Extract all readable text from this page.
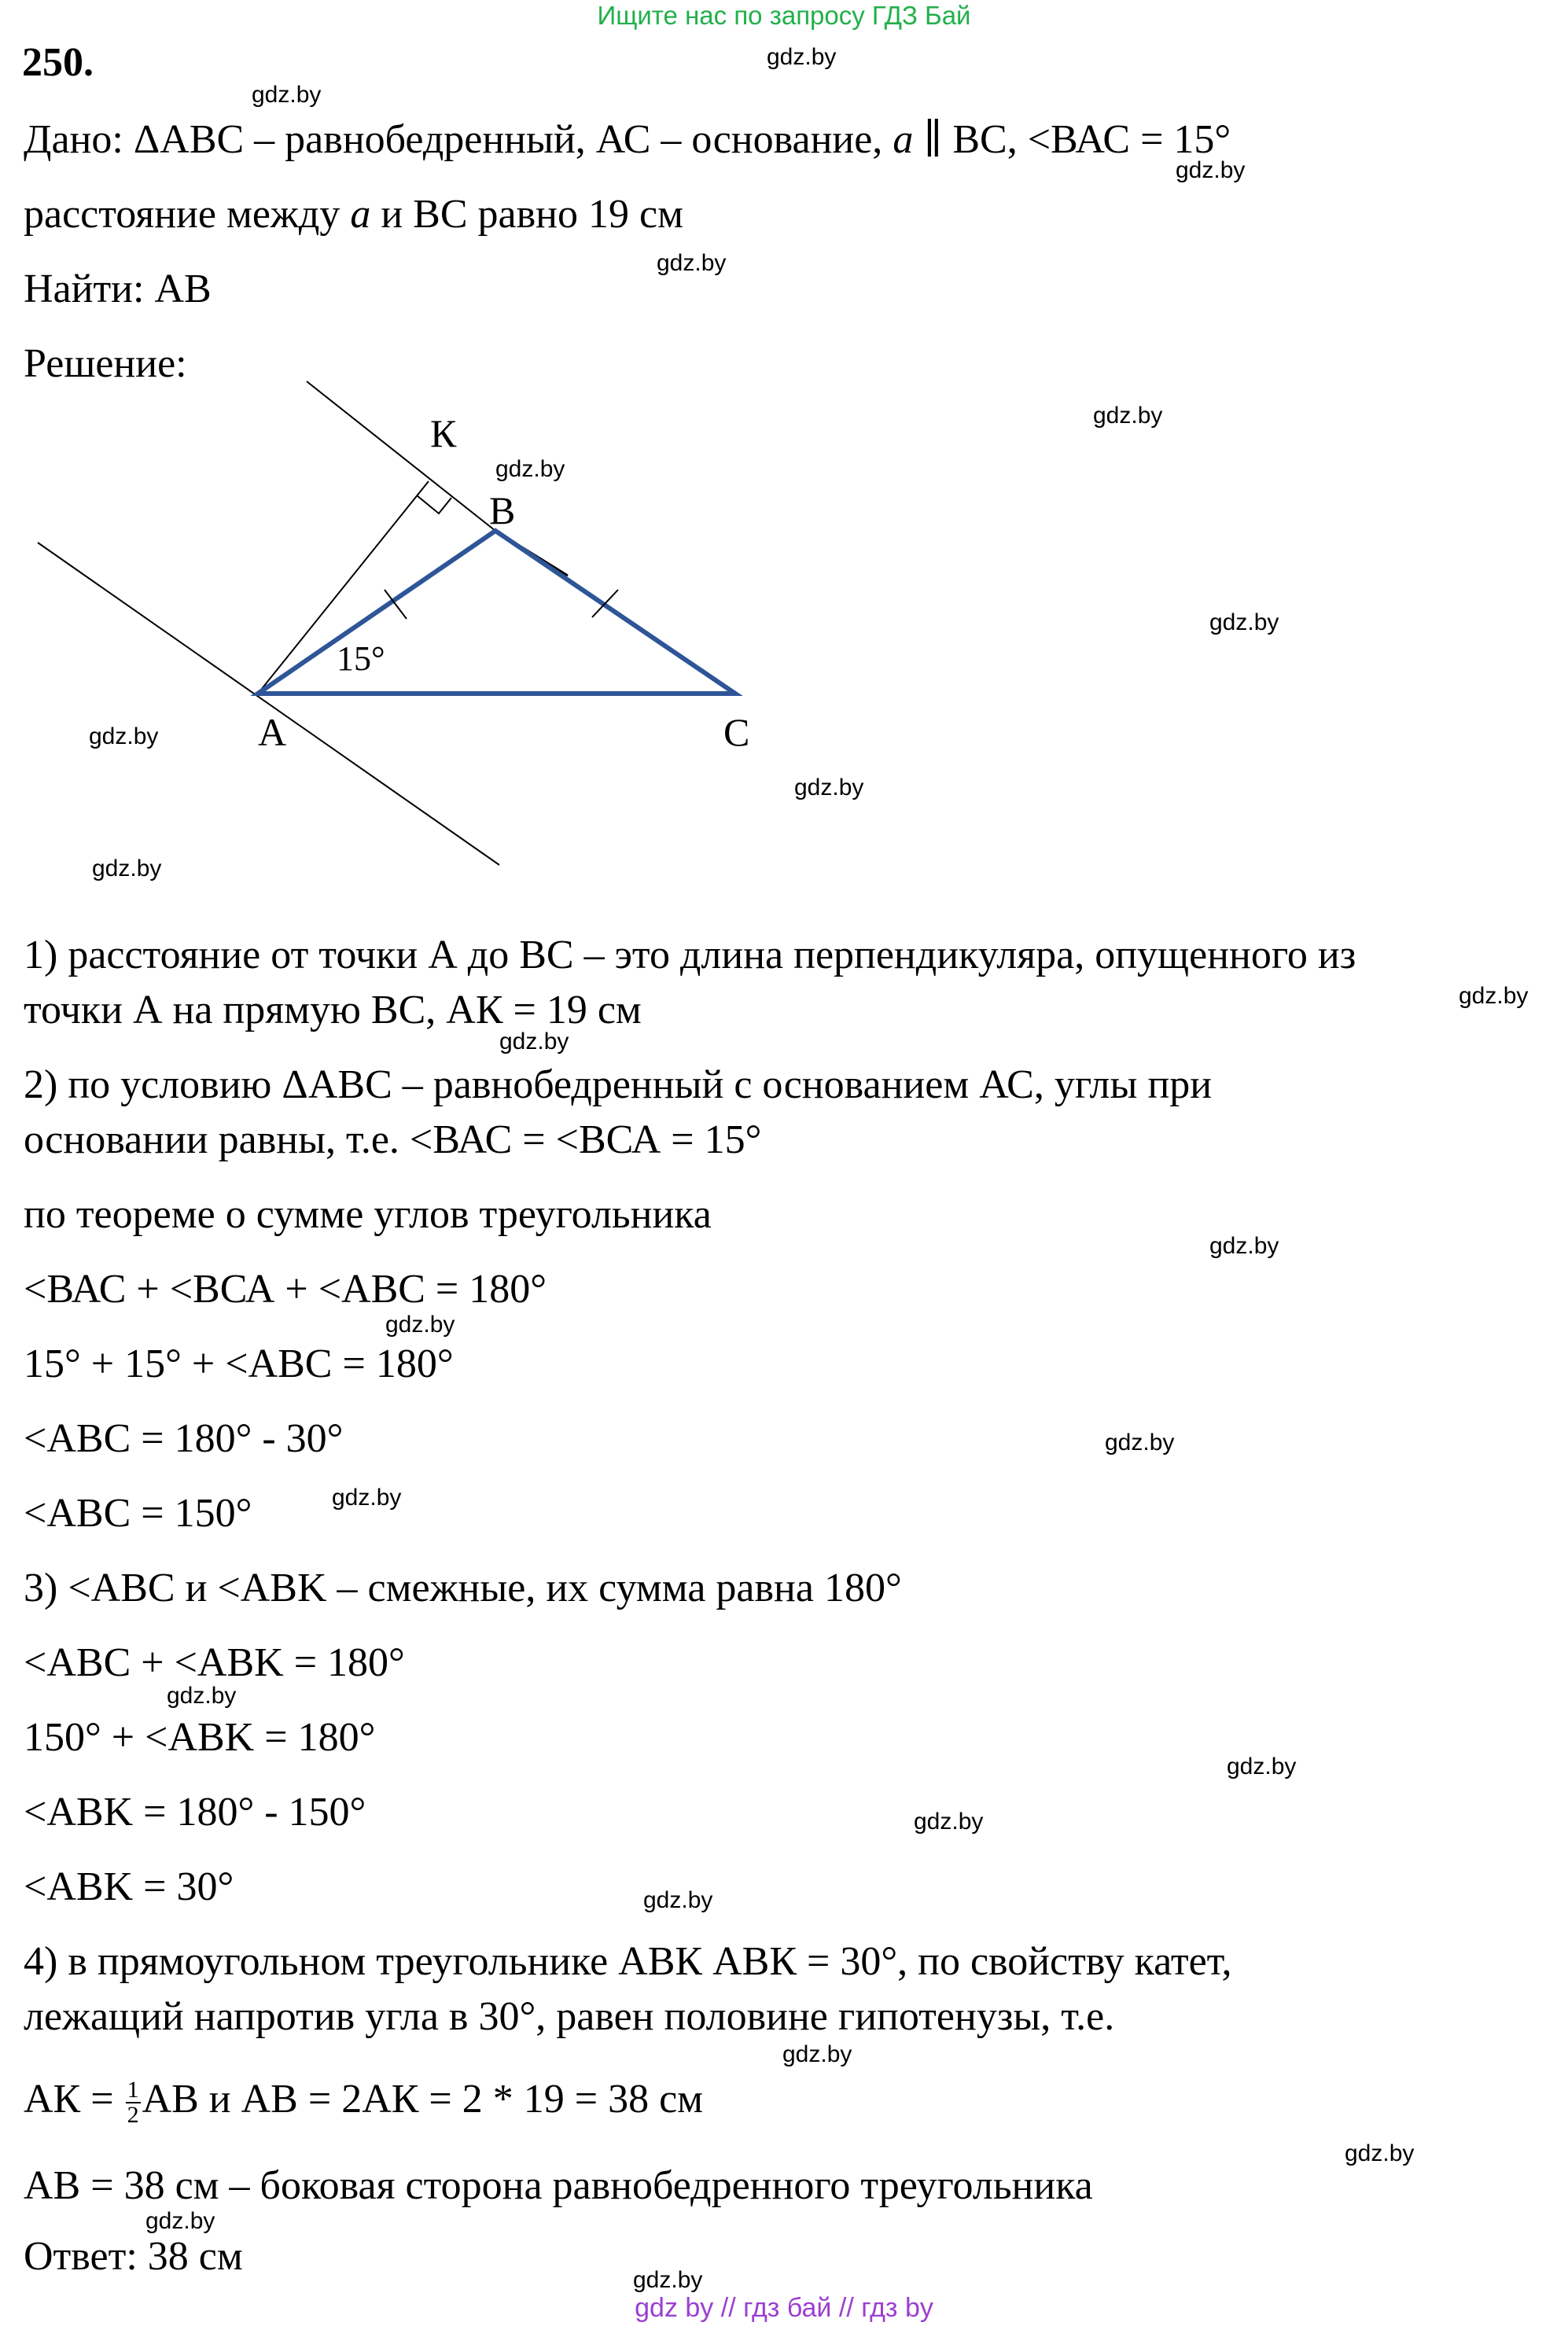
Ищите нас по запросу ГДЗ Бай
250.
Дано: ΔАВС – равнобедренный, АС – основание, a ∥ ВС, <ВАС = 15°
расстояние между a и ВС равно 19 см
Найти: АВ
Решение:
К
В
15°
А	С
1) расстояние от точки А до ВС – это длина перпендикуляра, опущенного из
точки А на прямую ВС, АК = 19 см
2) по условию ΔАВС – равнобедренный с основанием АС, углы при
основании равны, т.е. <ВАС = <ВСА = 15°
по теореме о сумме углов треугольника
<ВАС + <ВСА + <АВС = 180°
15° + 15° + <АВС = 180°
<АВС = 180° - 30°
<АВС = 150°
3) <АВС и <АВK – смежные, их сумма равна 180°
<АВС + <АВK = 180°
150° + <АВK = 180°
<АВK = 180° - 150°
<АВK = 30°
4) в прямоугольном треугольнике АВК АВК = 30°, по свойству катет,
лежащий напротив угла в 30°, равен половине гипотенузы, т.е.
АК = $\frac{1}{2}$ АВ и АВ = 2АК = 2 * 19 = 38 см
АВ = 38 см – боковая сторона равнобедренного треугольника
Ответ: 38 см
gdz.by
gdz.by
gdz.by
gdz.by
gdz.by
gdz.by
gdz.by
gdz.by
gdz.by
gdz.by
gdz.by
gdz.by
gdz.by
gdz.by
gdz.by
gdz.by
gdz.by
gdz.by
gdz.by
gdz.by
gdz.by
gdz.by
gdz.by
gdz.by
gdz by // гдз бай // гдз by
